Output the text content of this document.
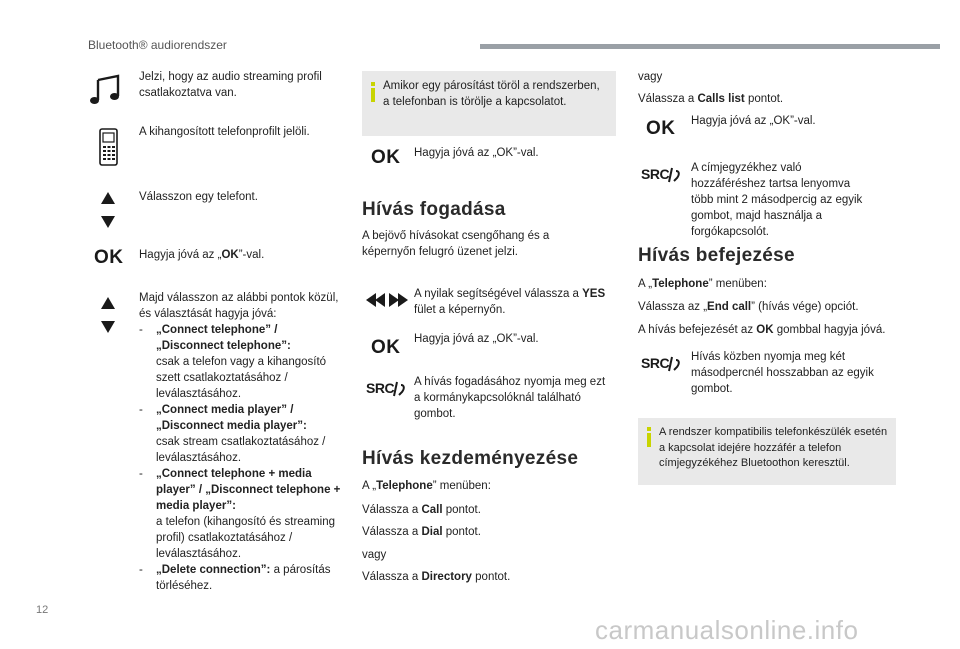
Bluetooth® audiorendszer
Jelzi, hogy az audio streaming profil csatlakoztatva van.
A kihangosított telefonprofilt jelöli.
Válasszon egy telefont.
OK Hagyja jóvá az „OK”-val.
Majd válasszon az alábbi pontok közül, és választását hagyja jóvá:
- „Connect telephone” / „Disconnect telephone”:
csak a telefon vagy a kihangosító szett csatlakoztatásához / leválasztásához.
- „Connect media player” / „Disconnect media player”:
csak stream csatlakoztatásához / leválasztásához.
- „Connect telephone + media player” / „Disconnect telephone + media player”:
a telefon (kihangosító és streaming profil) csatlakoztatásához / leválasztásához.
- „Delete connection”: a párosítás törléséhez.
Amikor egy párosítást töröl a rendszerben, a telefonban is törölje a kapcsolatot.
OK Hagyja jóvá az „OK”-val.
Hívás fogadása
A bejövő hívásokat csengőhang és a képernyőn felugró üzenet jelzi.
A nyilak segítségével válassza a YES fület a képernyőn.
OK Hagyja jóvá az „OK”-val.
SRC	A hívás fogadásához nyomja meg ezt a kormánykapcsolóknál található gombot.
Hívás kezdeményezése
A „Telephone” menüben:
Válassza a Call pontot.
Válassza a Dial pontot.
vagy
Válassza a Directory pontot.
vagy
Válassza a Calls list pontot.
OK Hagyja jóvá az „OK”-val.
SRC	A címjegyzékhez való hozzáféréshez tartsa lenyomva több mint 2 másodpercig az egyik gombot, majd használja a forgókapcsolót.
Hívás befejezése
A „Telephone” menüben:
Válassza az „End call” (hívás vége) opciót.
A hívás befejezését az OK gombbal hagyja jóvá.
SRC	Hívás közben nyomja meg két másodpercnél hosszabban az egyik gombot.
A rendszer kompatibilis telefonkészülék esetén a kapcsolat idejére hozzáfér a telefon címjegyzékéhez Bluetoothon keresztül.
12
carmanualsonline.info
